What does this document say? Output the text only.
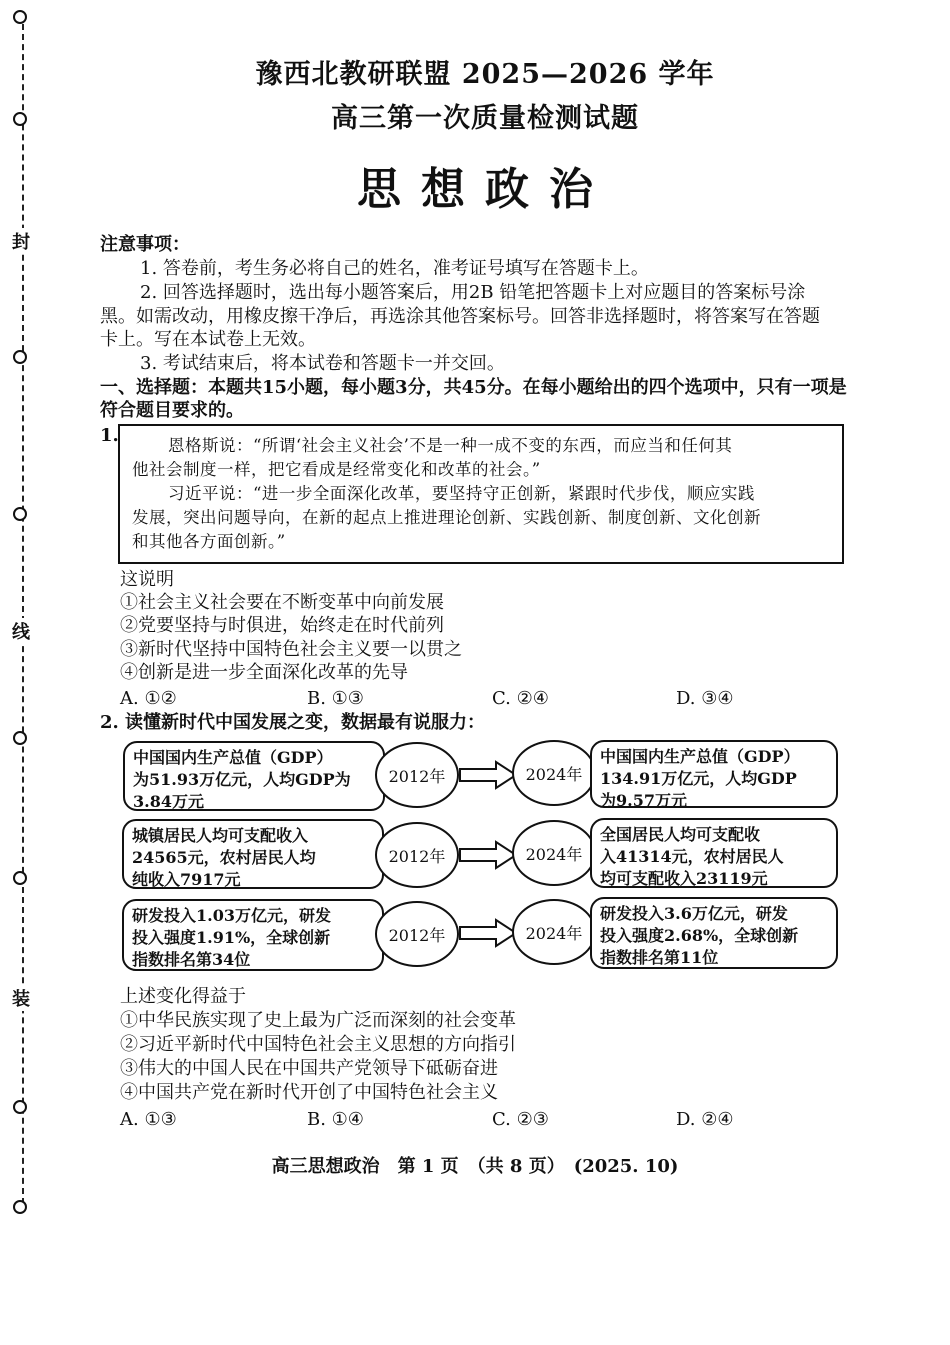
封
线
装
豫西北教研联盟 2025—2026 学年
高三第一次质量检测试题
思想政治
注意事项：
1. 答卷前，考生务必将自己的姓名，准考证号填写在答题卡上。
2. 回答选择题时，选出每小题答案后，用2B 铅笔把答题卡上对应题目的答案标号涂
黑。如需改动，用橡皮擦干净后，再选涂其他答案标号。回答非选择题时，将答案写在答题
卡上。写在本试卷上无效。
3. 考试结束后，将本试卷和答题卡一并交回。
一、选择题：本题共15小题，每小题3分，共45分。在每小题给出的四个选项中，只有一项是
符合题目要求的。
1.	恩格斯说：“所谓‘社会主义社会’不是一种一成不变的东西，而应当和任何其
他社会制度一样，把它看成是经常变化和改革的社会。”
习近平说：“进一步全面深化改革，要坚持守正创新，紧跟时代步伐，顺应实践
发展，突出问题导向，在新的起点上推进理论创新、实践创新、制度创新、文化创新
和其他各方面创新。”
这说明
①社会主义社会要在不断变革中向前发展
②党要坚持与时俱进，始终走在时代前列
③新时代坚持中国特色社会主义要一以贯之
④创新是进一步全面深化改革的先导
A. ①②	B. ①③	C. ②④	D. ③④
2. 读懂新时代中国发展之变，数据最有说服力：
中国国内生产总值（GDP）
为51.93万亿元，人均GDP为
3.84万元
2012年	2024年
中国国内生产总值（GDP）
134.91万亿元，人均GDP
为9.57万元
城镇居民人均可支配收入
24565元，农村居民人均
纯收入7917元
2012年	2024年
全国居民人均可支配收
入41314元，农村居民人
均可支配收入23119元
研发投入1.03万亿元，研发
投入强度1.91%，全球创新
指数排名第34位
2012年	2024年
研发投入3.6万亿元，研发
投入强度2.68%，全球创新
指数排名第11位
上述变化得益于
①中华民族实现了史上最为广泛而深刻的社会变革
②习近平新时代中国特色社会主义思想的方向指引
③伟大的中国人民在中国共产党领导下砥砺奋进
④中国共产党在新时代开创了中国特色社会主义
A. ①③	B. ①④	C. ②③	D. ②④
高三思想政治　第 1 页　（共 8 页）　(2025. 10)
